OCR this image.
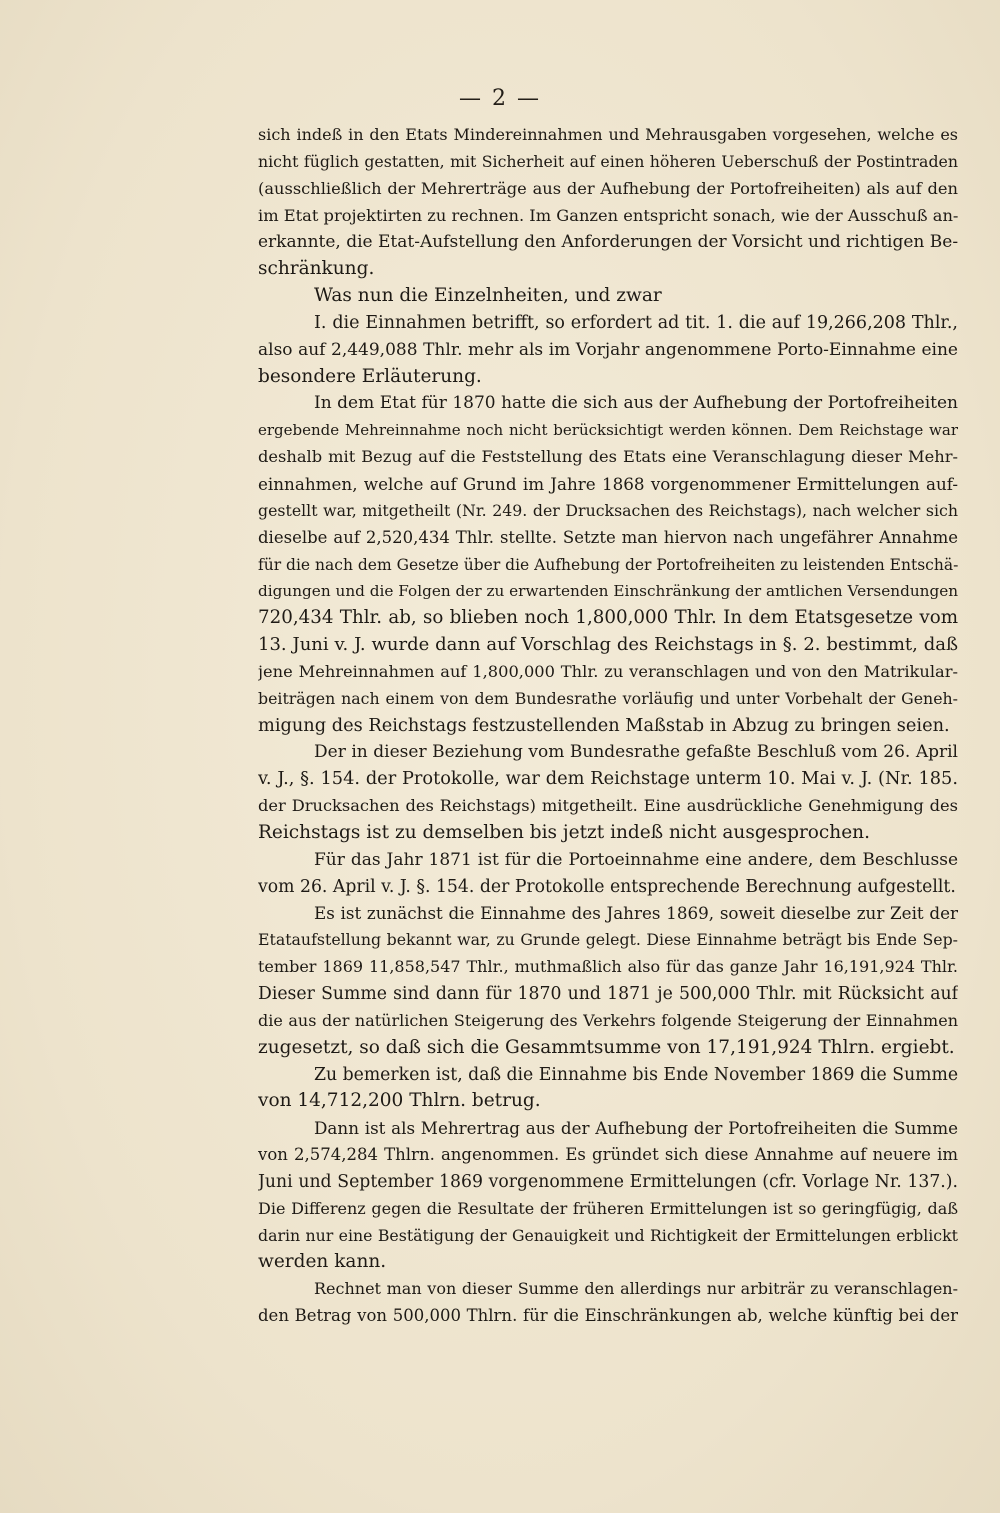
— 2 —
sich indeß in den Etats Mindereinnahmen und Mehrausgaben vorgesehen, welche es
nicht füglich gestatten, mit Sicherheit auf einen höheren Ueberschuß der Postintraden
(ausschließlich der Mehrerträge aus der Aufhebung der Portofreiheiten) als auf den
im Etat projektirten zu rechnen. Im Ganzen entspricht sonach, wie der Ausschuß an-
erkannte, die Etat-Aufstellung den Anforderungen der Vorsicht und richtigen Be-
schränkung.
Was nun die Einzelnheiten, und zwar
I. die Einnahmen betrifft, so erfordert ad tit. 1. die auf 19,266,208 Thlr.,
also auf 2,449,088 Thlr. mehr als im Vorjahr angenommene Porto-Einnahme eine
besondere Erläuterung.
In dem Etat für 1870 hatte die sich aus der Aufhebung der Portofreiheiten
ergebende Mehreinnahme noch nicht berücksichtigt werden können. Dem Reichstage war
deshalb mit Bezug auf die Feststellung des Etats eine Veranschlagung dieser Mehr-
einnahmen, welche auf Grund im Jahre 1868 vorgenommener Ermittelungen auf-
gestellt war, mitgetheilt (Nr. 249. der Drucksachen des Reichstags), nach welcher sich
dieselbe auf 2,520,434 Thlr. stellte. Setzte man hiervon nach ungefährer Annahme
für die nach dem Gesetze über die Aufhebung der Portofreiheiten zu leistenden Entschä-
digungen und die Folgen der zu erwartenden Einschränkung der amtlichen Versendungen
720,434 Thlr. ab, so blieben noch 1,800,000 Thlr. In dem Etatsgesetze vom
13. Juni v. J. wurde dann auf Vorschlag des Reichstags in §. 2. bestimmt, daß
jene Mehreinnahmen auf 1,800,000 Thlr. zu veranschlagen und von den Matrikular-
beiträgen nach einem von dem Bundesrathe vorläufig und unter Vorbehalt der Geneh-
migung des Reichstags festzustellenden Maßstab in Abzug zu bringen seien.
Der in dieser Beziehung vom Bundesrathe gefaßte Beschluß vom 26. April
v. J., §. 154. der Protokolle, war dem Reichstage unterm 10. Mai v. J. (Nr. 185.
der Drucksachen des Reichstags) mitgetheilt. Eine ausdrückliche Genehmigung des
Reichstags ist zu demselben bis jetzt indeß nicht ausgesprochen.
Für das Jahr 1871 ist für die Portoeinnahme eine andere, dem Beschlusse
vom 26. April v. J. §. 154. der Protokolle entsprechende Berechnung aufgestellt.
Es ist zunächst die Einnahme des Jahres 1869, soweit dieselbe zur Zeit der
Etataufstellung bekannt war, zu Grunde gelegt. Diese Einnahme beträgt bis Ende Sep-
tember 1869 11,858,547 Thlr., muthmaßlich also für das ganze Jahr 16,191,924 Thlr.
Dieser Summe sind dann für 1870 und 1871 je 500,000 Thlr. mit Rücksicht auf
die aus der natürlichen Steigerung des Verkehrs folgende Steigerung der Einnahmen
zugesetzt, so daß sich die Gesammtsumme von 17,191,924 Thlrn. ergiebt.
Zu bemerken ist, daß die Einnahme bis Ende November 1869 die Summe
von 14,712,200 Thlrn. betrug.
Dann ist als Mehrertrag aus der Aufhebung der Portofreiheiten die Summe
von 2,574,284 Thlrn. angenommen. Es gründet sich diese Annahme auf neuere im
Juni und September 1869 vorgenommene Ermittelungen (cfr. Vorlage Nr. 137.).
Die Differenz gegen die Resultate der früheren Ermittelungen ist so geringfügig, daß
darin nur eine Bestätigung der Genauigkeit und Richtigkeit der Ermittelungen erblickt
werden kann.
Rechnet man von dieser Summe den allerdings nur arbiträr zu veranschlagen-
den Betrag von 500,000 Thlrn. für die Einschränkungen ab, welche künftig bei der
